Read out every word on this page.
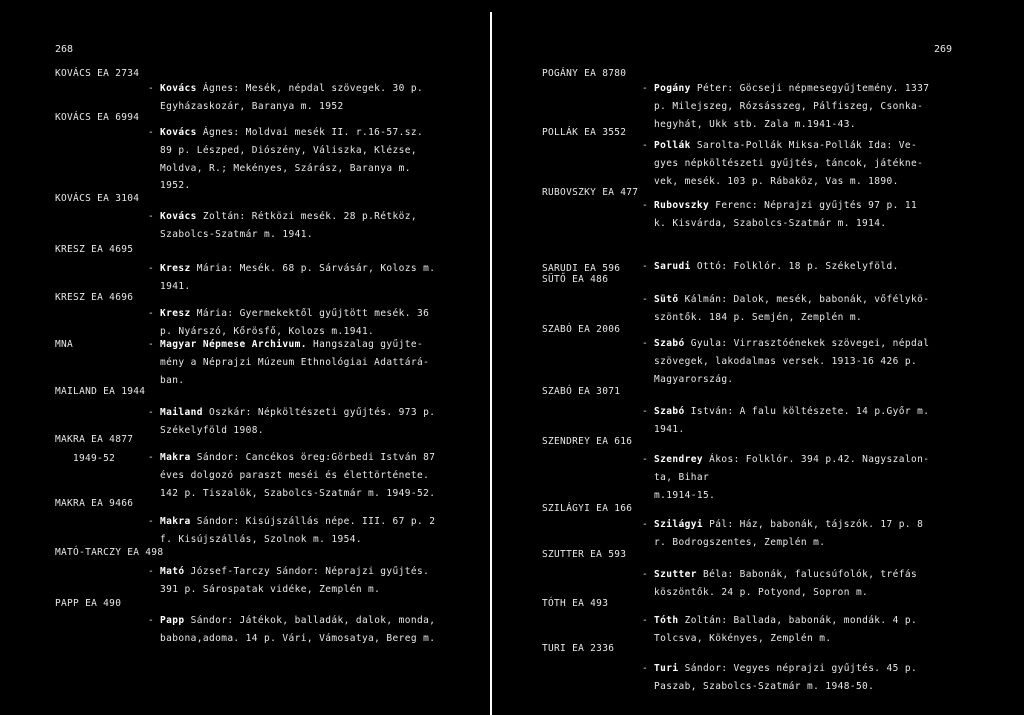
268
KOVÁCS EA 2734
- Kovács Ágnes: Mesék, népdal szövegek. 30 p.
Egyházaskozár, Baranya m. 1952
KOVÁCS EA 6994
- Kovács Ágnes: Moldvai mesék II. r.16-57.sz.
89 p. Lészped, Diószény, Váliszka, Klézse,
Moldva, R.; Mekényes, Szárász, Baranya m.
1952.
KOVÁCS EA 3104
- Kovács Zoltán: Rétközi mesék. 28 p.Rétköz,
Szabolcs-Szatmár m. 1941.
KRESZ EA 4695
- Kresz Mária: Mesék. 68 p. Sárvásár, Kolozs m.
1941.
KRESZ EA 4696
- Kresz Mária: Gyermekektől gyűjtött mesék. 36
p. Nyárszó, Kőrösfő, Kolozs m.1941.
MNA	- Magyar Népmese Archivum. Hangszalag gyűjte-
mény a Néprajzi Múzeum Ethnológiai Adattárá-
ban.
MAILAND EA 1944
- Mailand Oszkár: Népköltészeti gyűjtés. 973 p.
Székelyföld 1908.
MAKRA EA 4877
1949-52	- Makra Sándor: Cancékos öreg:Görbedi István 87
éves dolgozó paraszt meséi és élettörténete.
142 p. Tiszalök, Szabolcs-Szatmár m. 1949-52.
MAKRA EA 9466
- Makra Sándor: Kisújszállás népe. III. 67 p. 2
f. Kisújszállás, Szolnok m. 1954.
MATÓ-TARCZY EA 498
- Mató József-Tarczy Sándor: Néprajzi gyűjtés.
391 p. Sárospatak vidéke, Zemplén m.
PAPP EA 490
- Papp Sándor: Játékok, balladák, dalok, monda,
babona,adoma. 14 p. Vári, Vámosatya, Bereg m.
269
POGÁNY EA 8780
- Pogány Péter: Göcseji népmesegyűjtemény. 1337
p. Milejszeg, Rózsásszeg, Pálfiszeg, Csonka-
hegyhát, Ukk stb. Zala m.1941-43.
POLLÁK EA 3552
- Pollák Sarolta-Pollák Miksa-Pollák Ida: Ve-
gyes népköltészeti gyűjtés, táncok, játékne-
vek, mesék. 103 p. Rábaköz, Vas m. 1890.
RUBOVSZKY EA 477
- Rubovszky Ferenc: Néprajzi gyűjtés 97 p. 11
k. Kisvárda, Szabolcs-Szatmár m. 1914.
SARUDI EA 596 - Sarudi Ottó: Folklór. 18 p. Székelyföld.
SÜTŐ EA 486
- Sütő Kálmán: Dalok, mesék, babonák, vőfélykö-
szöntők. 184 p. Semjén, Zemplén m.
SZABÓ EA 2006
- Szabó Gyula: Virrasztóénekek szövegei, népdal
szövegek, lakodalmas versek. 1913-16 426 p.
Magyarország.
SZABÓ EA 3071
- Szabó István: A falu költészete. 14 p.Győr m.
1941.
SZENDREY EA 616
- Szendrey Ákos: Folklór. 394 p.42. Nagyszalon-
ta, Bihar
m.1914-15.
SZILÁGYI EA 166
- Szilágyi Pál: Ház, babonák, tájszók. 17 p. 8
r. Bodrogszentes, Zemplén m.
SZUTTER EA 593
- Szutter Béla: Babonák, falucsúfolók, tréfás
köszöntők. 24 p. Potyond, Sopron m.
TÓTH EA 493
- Tóth Zoltán: Ballada, babonák, mondák. 4 p.
Tolcsva, Kökényes, Zemplén m.
TURI EA 2336
- Turi Sándor: Vegyes néprajzi gyűjtés. 45 p.
Paszab, Szabolcs-Szatmár m. 1948-50.
